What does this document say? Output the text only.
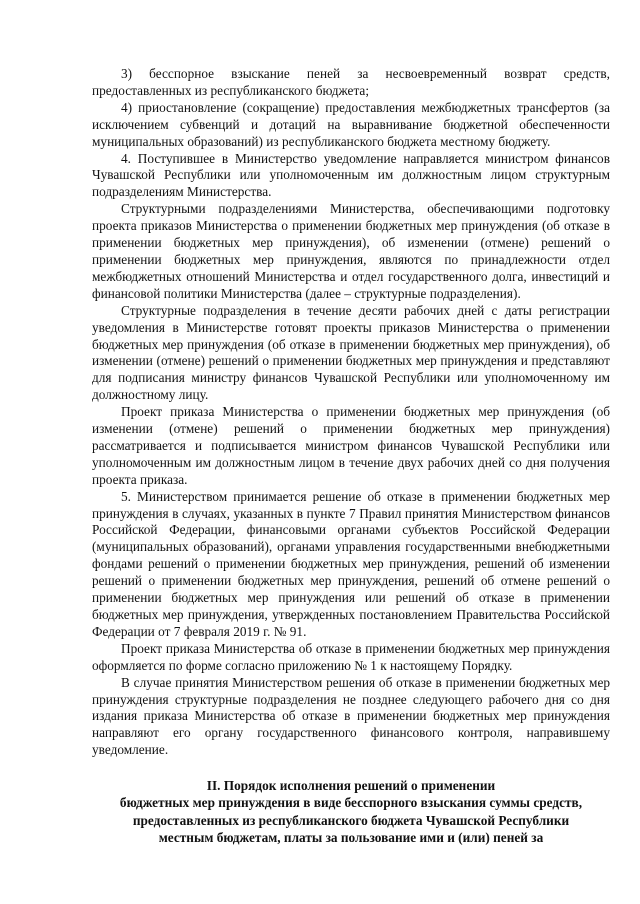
3) бесспорное взыскание пеней за несвоевременный возврат средств, предоставленных из республиканского бюджета;

4) приостановление (сокращение) предоставления межбюджетных трансфертов (за исключением субвенций и дотаций на выравнивание бюджетной обеспеченности муниципальных образований) из республиканского бюджета местному бюджету.

4. Поступившее в Министерство уведомление направляется министром финансов Чувашской Республики или уполномоченным им должностным лицом структурным подразделениям Министерства.

Структурными подразделениями Министерства, обеспечивающими подготовку проекта приказов Министерства о применении бюджетных мер принуждения (об отказе в применении бюджетных мер принуждения), об изменении (отмене) решений о применении бюджетных мер принуждения, являются по принадлежности отдел межбюджетных отношений Министерства и отдел государственного долга, инвестиций и финансовой политики Министерства (далее – структурные подразделения).

Структурные подразделения в течение десяти рабочих дней с даты регистрации уведомления в Министерстве готовят проекты приказов Министерства о применении бюджетных мер принуждения (об отказе в применении бюджетных мер принуждения), об изменении (отмене) решений о применении бюджетных мер принуждения и представляют для подписания министру финансов Чувашской Республики или уполномоченному им должностному лицу.

Проект приказа Министерства о применении бюджетных мер принуждения (об изменении (отмене) решений о применении бюджетных мер принуждения) рассматривается и подписывается министром финансов Чувашской Республики или уполномоченным им должностным лицом в течение двух рабочих дней со дня получения проекта приказа.

5. Министерством принимается решение об отказе в применении бюджетных мер принуждения в случаях, указанных в пункте 7 Правил принятия Министерством финансов Российской Федерации, финансовыми органами субъектов Российской Федерации (муниципальных образований), органами управления государственными внебюджетными фондами решений о применении бюджетных мер принуждения, решений об изменении решений о применении бюджетных мер принуждения, решений об отмене решений о применении бюджетных мер принуждения или решений об отказе в применении бюджетных мер принуждения, утвержденных постановлением Правительства Российской Федерации от 7 февраля 2019 г. № 91.

Проект приказа Министерства об отказе в применении бюджетных мер принуждения оформляется по форме согласно приложению № 1 к настоящему Порядку.

В случае принятия Министерством решения об отказе в применении бюджетных мер принуждения структурные подразделения не позднее следующего рабочего дня со дня издания приказа Министерства об отказе в применении бюджетных мер принуждения направляют его органу государственного финансового контроля, направившему уведомление.

II. Порядок исполнения решений о применении
бюджетных мер принуждения в виде бесспорного взыскания суммы средств,
предоставленных из республиканского бюджета Чувашской Республики
местным бюджетам, платы за пользование ими и (или) пеней за
